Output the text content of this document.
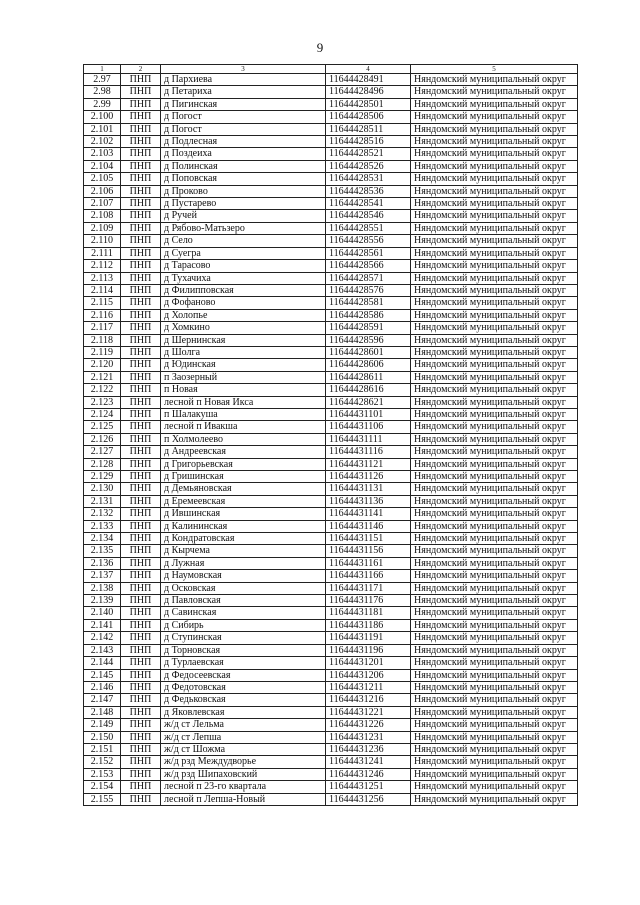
9
1	2	3	4	5
2.97	ПНП	д Пархиева	11644428491	Няндомский муниципальный округ
2.98	ПНП	д Петариха	11644428496	Няндомский муниципальный округ
2.99	ПНП	д Пигинская	11644428501	Няндомский муниципальный округ
2.100	ПНП	д Погост	11644428506	Няндомский муниципальный округ
2.101	ПНП	д Погост	11644428511	Няндомский муниципальный округ
2.102	ПНП	д Подлесная	11644428516	Няндомский муниципальный округ
2.103	ПНП	д Поздеиха	11644428521	Няндомский муниципальный округ
2.104	ПНП	д Полинская	11644428526	Няндомский муниципальный округ
2.105	ПНП	д Поповская	11644428531	Няндомский муниципальный округ
2.106	ПНП	д Проково	11644428536	Няндомский муниципальный округ
2.107	ПНП	д Пустарево	11644428541	Няндомский муниципальный округ
2.108	ПНП	д Ручей	11644428546	Няндомский муниципальный округ
2.109	ПНП	д Рябово-Матьзеро	11644428551	Няндомский муниципальный округ
2.110	ПНП	д Село	11644428556	Няндомский муниципальный округ
2.111	ПНП	д Суегра	11644428561	Няндомский муниципальный округ
2.112	ПНП	д Тарасово	11644428566	Няндомский муниципальный округ
2.113	ПНП	д Тухачиха	11644428571	Няндомский муниципальный округ
2.114	ПНП	д Филипповская	11644428576	Няндомский муниципальный округ
2.115	ПНП	д Фофаново	11644428581	Няндомский муниципальный округ
2.116	ПНП	д Холопье	11644428586	Няндомский муниципальный округ
2.117	ПНП	д Хомкино	11644428591	Няндомский муниципальный округ
2.118	ПНП	д Шернинская	11644428596	Няндомский муниципальный округ
2.119	ПНП	д Шолга	11644428601	Няндомский муниципальный округ
2.120	ПНП	д Юдинская	11644428606	Няндомский муниципальный округ
2.121	ПНП	п Заозерный	11644428611	Няндомский муниципальный округ
2.122	ПНП	п Новая	11644428616	Няндомский муниципальный округ
2.123	ПНП	лесной п Новая Икса	11644428621	Няндомский муниципальный округ
2.124	ПНП	п Шалакуша	11644431101	Няндомский муниципальный округ
2.125	ПНП	лесной п Ивакша	11644431106	Няндомский муниципальный округ
2.126	ПНП	п Холмолеево	11644431111	Няндомский муниципальный округ
2.127	ПНП	д Андреевская	11644431116	Няндомский муниципальный округ
2.128	ПНП	д Григорьевская	11644431121	Няндомский муниципальный округ
2.129	ПНП	д Гришинская	11644431126	Няндомский муниципальный округ
2.130	ПНП	д Демьяновская	11644431131	Няндомский муниципальный округ
2.131	ПНП	д Еремеевская	11644431136	Няндомский муниципальный округ
2.132	ПНП	д Ившинская	11644431141	Няндомский муниципальный округ
2.133	ПНП	д Калининская	11644431146	Няндомский муниципальный округ
2.134	ПНП	д Кондратовская	11644431151	Няндомский муниципальный округ
2.135	ПНП	д Кырчема	11644431156	Няндомский муниципальный округ
2.136	ПНП	д Лужная	11644431161	Няндомский муниципальный округ
2.137	ПНП	д Наумовская	11644431166	Няндомский муниципальный округ
2.138	ПНП	д Осковская	11644431171	Няндомский муниципальный округ
2.139	ПНП	д Павловская	11644431176	Няндомский муниципальный округ
2.140	ПНП	д Савинская	11644431181	Няндомский муниципальный округ
2.141	ПНП	д Сибирь	11644431186	Няндомский муниципальный округ
2.142	ПНП	д Ступинская	11644431191	Няндомский муниципальный округ
2.143	ПНП	д Торновская	11644431196	Няндомский муниципальный округ
2.144	ПНП	д Турлаевская	11644431201	Няндомский муниципальный округ
2.145	ПНП	д Федосеевская	11644431206	Няндомский муниципальный округ
2.146	ПНП	д Федотовская	11644431211	Няндомский муниципальный округ
2.147	ПНП	д Федьковская	11644431216	Няндомский муниципальный округ
2.148	ПНП	д Яковлевская	11644431221	Няндомский муниципальный округ
2.149	ПНП	ж/д ст Лельма	11644431226	Няндомский муниципальный округ
2.150	ПНП	ж/д ст Лепша	11644431231	Няндомский муниципальный округ
2.151	ПНП	ж/д ст Шожма	11644431236	Няндомский муниципальный округ
2.152	ПНП	ж/д рзд Междудворье	11644431241	Няндомский муниципальный округ
2.153	ПНП	ж/д рзд Шипаховский	11644431246	Няндомский муниципальный округ
2.154	ПНП	лесной п 23-го квартала	11644431251	Няндомский муниципальный округ
2.155	ПНП	лесной п Лепша-Новый	11644431256	Няндомский муниципальный округ
